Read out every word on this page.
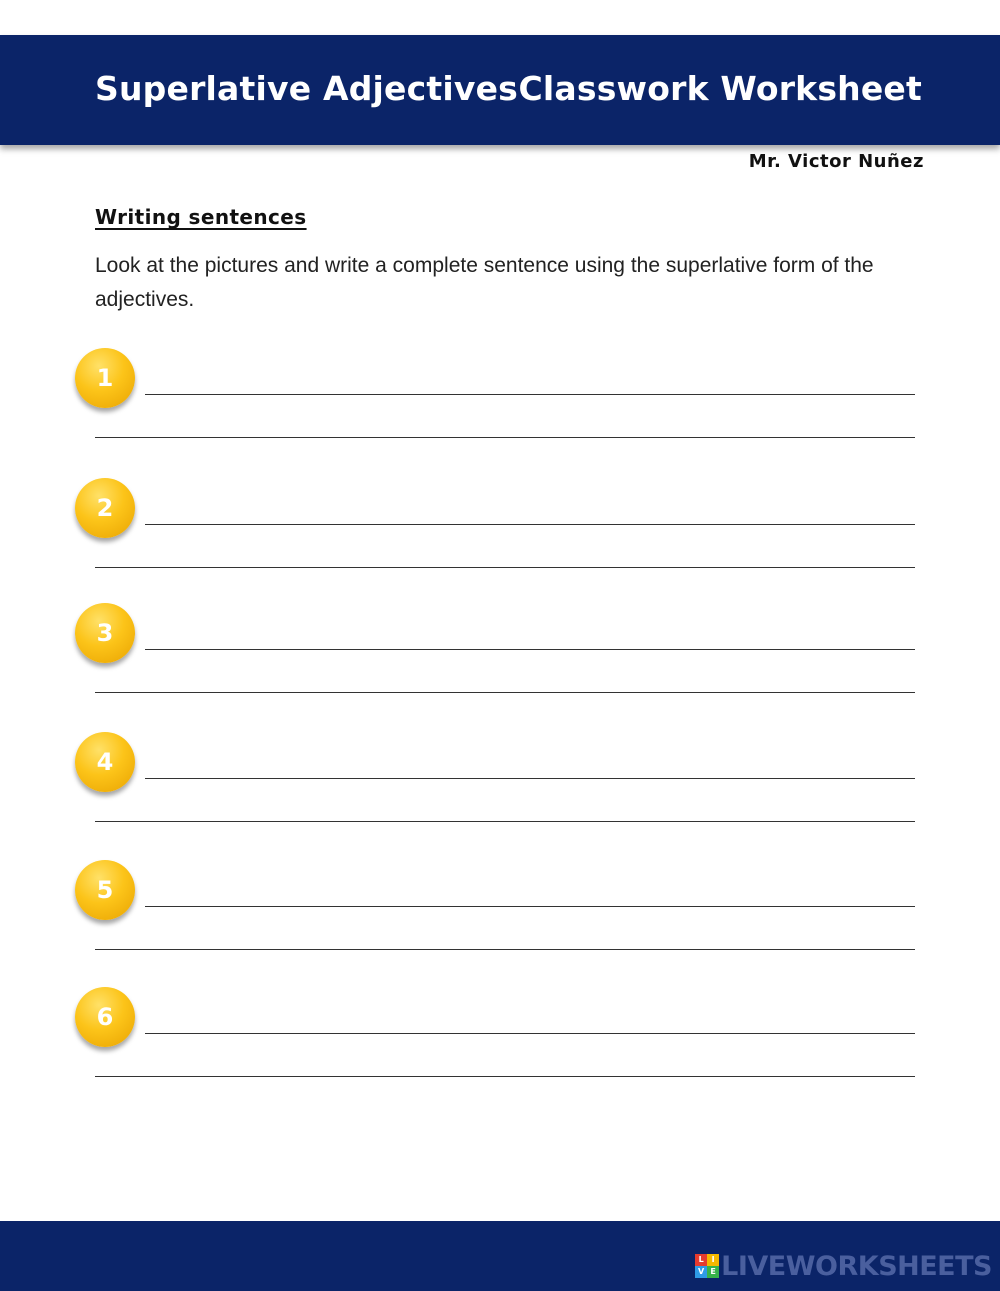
Superlative Adjectives Classwork Worksheet
Mr. Victor Nuñez
Writing sentences
Look at the pictures and write a complete sentence using the superlative form of the adjectives.
1
2
3
4
5
6
L I
V E LIVEWORKSHEETS
